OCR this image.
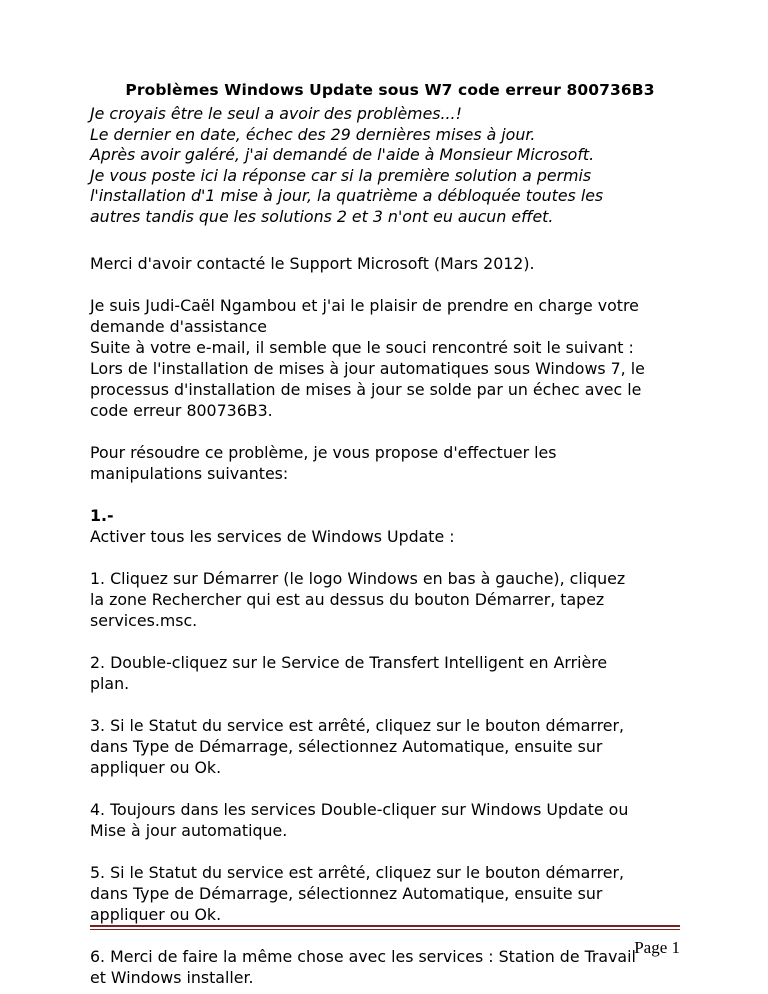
Problèmes Windows Update sous W7 code erreur 800736B3
Je croyais être le seul a avoir des problèmes...!
Le dernier en date, échec des 29 dernières mises à jour.
Après avoir galéré, j'ai demandé de l'aide à Monsieur Microsoft.
Je vous poste ici la réponse car si la première solution a permis
l'installation d'1 mise à jour, la quatrième a débloquée toutes les
autres tandis que les solutions 2 et 3 n'ont eu aucun effet.
Merci d'avoir contacté le Support Microsoft (Mars 2012).
Je suis Judi-Caël Ngambou et j'ai le plaisir de prendre en charge votre
demande d'assistance
Suite à votre e-mail, il semble que le souci rencontré soit le suivant :
Lors de l'installation de mises à jour automatiques sous Windows 7, le
processus d'installation de mises à jour se solde par un échec avec le
code erreur 800736B3.
Pour résoudre ce problème, je vous propose d'effectuer les
manipulations suivantes:
1.-
Activer tous les services de Windows Update :
1. Cliquez sur Démarrer (le logo Windows en bas à gauche), cliquez
la zone Rechercher qui est au dessus du bouton Démarrer, tapez
services.msc.
2. Double-cliquez sur le Service de Transfert Intelligent en Arrière
plan.
3. Si le Statut du service est arrêté, cliquez sur le bouton démarrer,
dans Type de Démarrage, sélectionnez Automatique, ensuite sur
appliquer ou Ok.
4. Toujours dans les services Double-cliquer sur Windows Update ou
Mise à jour automatique.
5. Si le Statut du service est arrêté, cliquez sur le bouton démarrer,
dans Type de Démarrage, sélectionnez Automatique, ensuite sur
appliquer ou Ok.
6. Merci de faire la même chose avec les services : Station de Travail
et Windows installer.
Page 1
